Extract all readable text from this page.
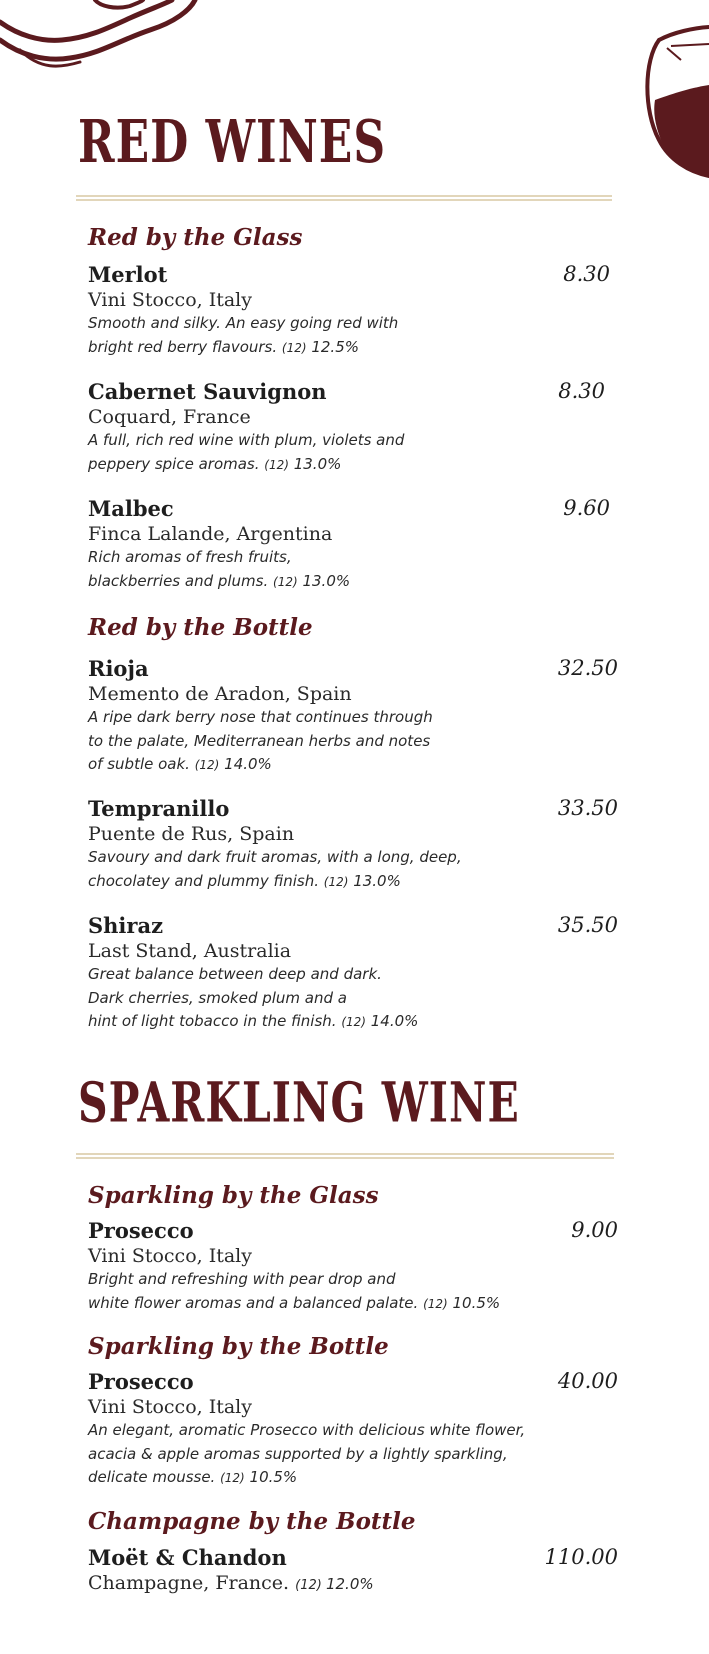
RED WINES
Red by the Glass
Merlot
Vini Stocco, Italy
Smooth and silky. An easy going red with
bright red berry flavours. (12) 12.5%
8.30
Cabernet Sauvignon
Coquard, France
A full, rich red wine with plum, violets and
peppery spice aromas. (12) 13.0%
8.30
Malbec
Finca Lalande, Argentina
Rich aromas of fresh fruits,
blackberries and plums. (12) 13.0%
9.60
Red by the Bottle
Rioja
Memento de Aradon, Spain
A ripe dark berry nose that continues through
to the palate, Mediterranean herbs and notes
of subtle oak. (12) 14.0%
32.50
Tempranillo
Puente de Rus, Spain
Savoury and dark fruit aromas, with a long, deep,
chocolatey and plummy finish. (12) 13.0%
33.50
Shiraz
Last Stand, Australia
Great balance between deep and dark.
Dark cherries, smoked plum and a
hint of light tobacco in the finish. (12) 14.0%
35.50
SPARKLING WINE
Sparkling by the Glass
Prosecco
Vini Stocco, Italy
Bright and refreshing with pear drop and
white flower aromas and a balanced palate. (12) 10.5%
9.00
Sparkling by the Bottle
Prosecco
Vini Stocco, Italy
An elegant, aromatic Prosecco with delicious white flower,
acacia & apple aromas supported by a lightly sparkling,
delicate mousse. (12) 10.5%
40.00
Champagne by the Bottle
Moët & Chandon
Champagne, France. (12) 12.0%
110.00
